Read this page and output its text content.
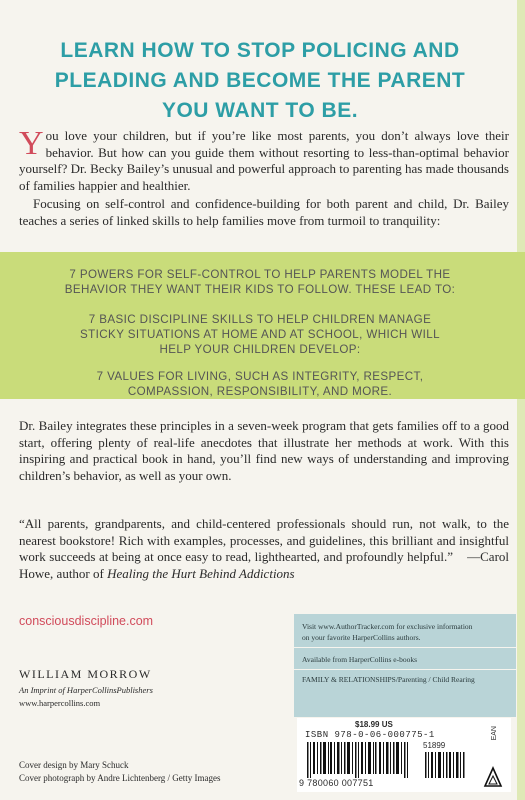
LEARN HOW TO STOP POLICING AND
PLEADING AND BECOME THE PARENT
YOU WANT TO BE.

You love your children, but if you’re like most parents, you don’t always love their behavior. But how can you guide them without resorting to less-than-optimal behavior yourself? Dr. Becky Bailey’s unusual and powerful approach to parenting has made thousands of families happier and healthier.

Focusing on self-control and confidence-building for both parent and child, Dr. Bailey teaches a series of linked skills to help families move from turmoil to tranquility:

7 POWERS FOR SELF-CONTROL TO HELP PARENTS MODEL THE
BEHAVIOR THEY WANT THEIR KIDS TO FOLLOW. THESE LEAD TO:
7 BASIC DISCIPLINE SKILLS TO HELP CHILDREN MANAGE
STICKY SITUATIONS AT HOME AND AT SCHOOL, WHICH WILL
HELP YOUR CHILDREN DEVELOP:
7 VALUES FOR LIVING, SUCH AS INTEGRITY, RESPECT,
COMPASSION, RESPONSIBILITY, AND MORE.

Dr. Bailey integrates these principles in a seven-week program that gets families off to a good start, offering plenty of real-life anecdotes that illustrate her methods at work. With this inspiring and practical book in hand, you’ll find new ways of understanding and improving children’s behavior, as well as your own.

“All parents, grandparents, and child-centered professionals should run, not walk, to the nearest bookstore! Rich with examples, processes, and guidelines, this brilliant and insightful work succeeds at being at once easy to read, lighthearted, and profoundly helpful.” —Carol Howe, author of Healing the Hurt Behind Addictions

consciousdiscipline.com	Visit www.AuthorTracker.com for exclusive information
on your favorite HarperCollins authors.
Available from HarperCollins e-books
FAMILY & RELATIONSHIPS/Parenting / Child Rearing
WILLIAM MORROW
An Imprint of HarperCollinsPublishers
www.harpercollins.com
$18.99 US
ISBN 978-0-06-000775-1
51899
9 780060 007751
EAN
Cover design by Mary Schuck
Cover photograph by Andre Lichtenberg / Getty Images
